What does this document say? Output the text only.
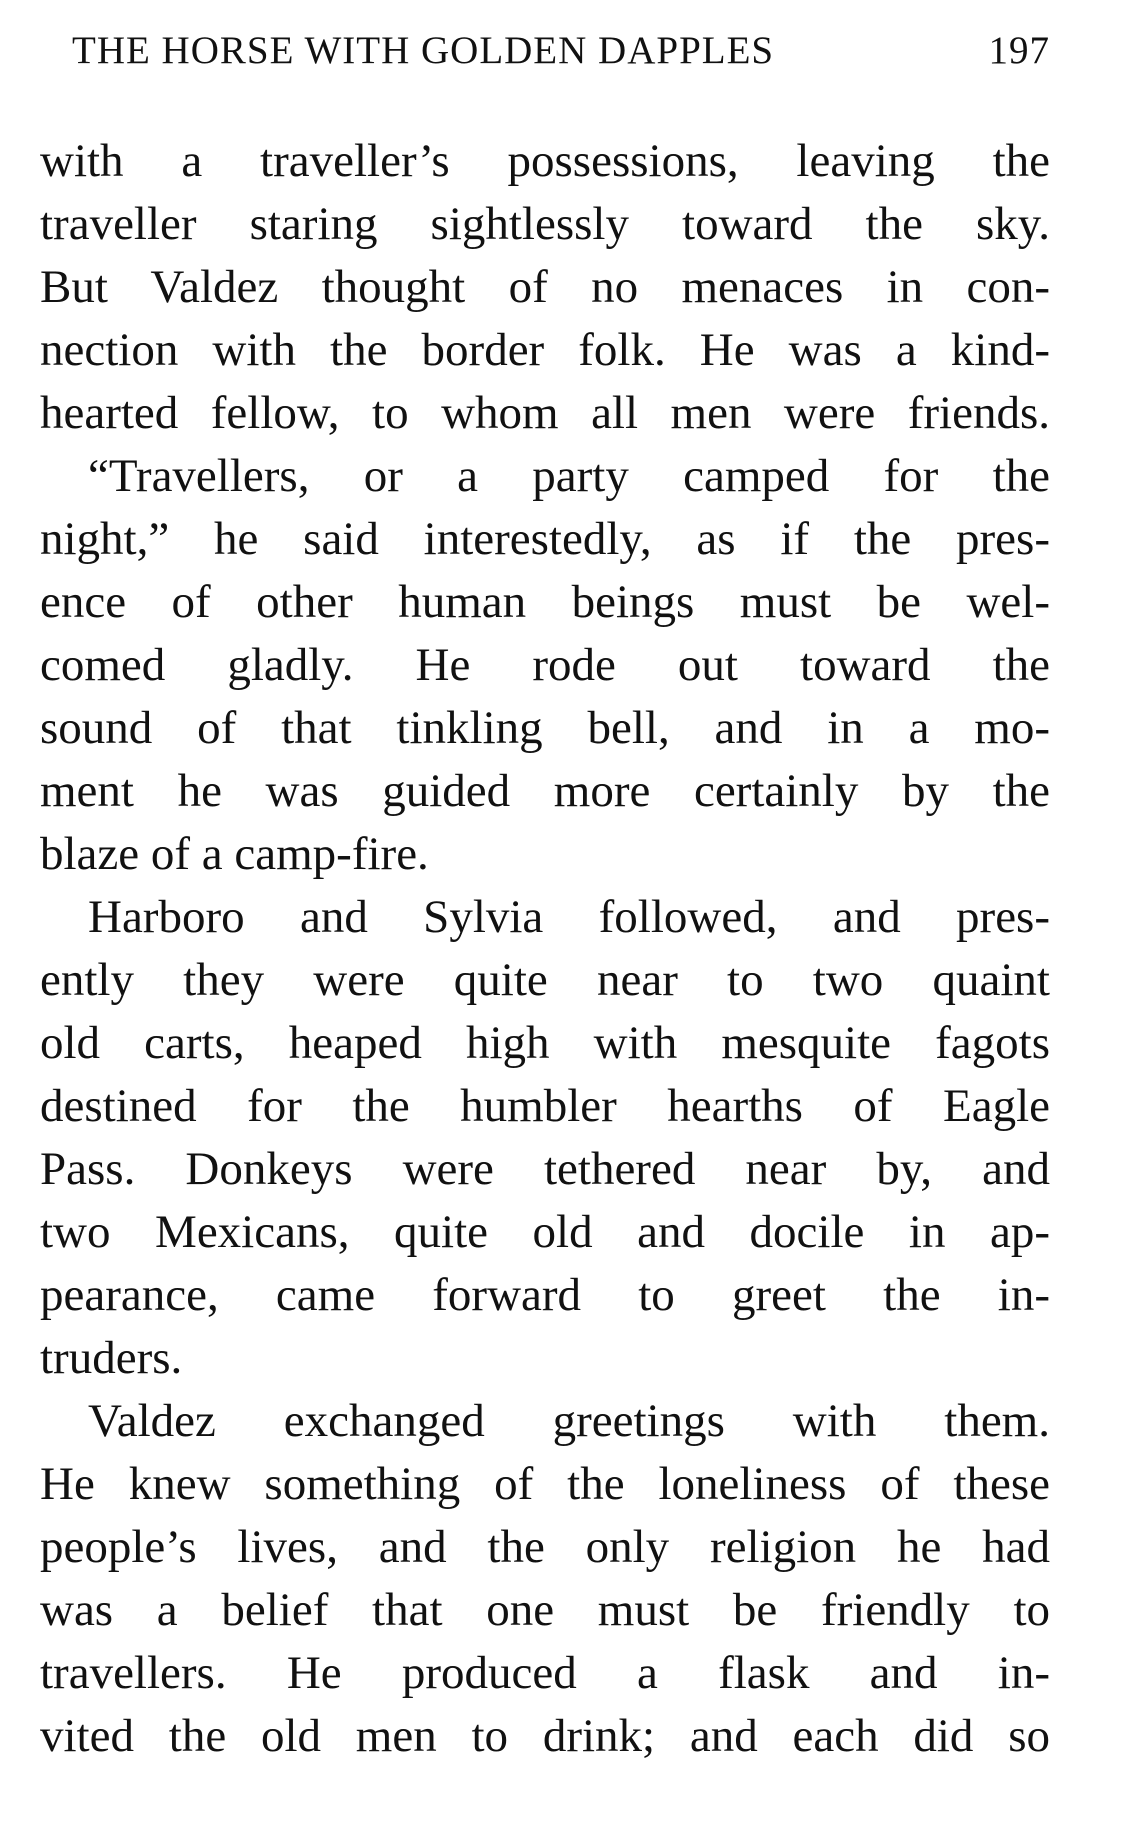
THE HORSE WITH GOLDEN DAPPLES	197
with a traveller’s possessions, leaving the
traveller staring sightlessly toward the sky.
But Valdez thought of no menaces in con-
nection with the border folk. He was a kind-
hearted fellow, to whom all men were friends.
“Travellers, or a party camped for the
night,” he said interestedly, as if the pres-
ence of other human beings must be wel-
comed gladly. He rode out toward the
sound of that tinkling bell, and in a mo-
ment he was guided more certainly by the
blaze of a camp-fire.
Harboro and Sylvia followed, and pres-
ently they were quite near to two quaint
old carts, heaped high with mesquite fagots
destined for the humbler hearths of Eagle
Pass. Donkeys were tethered near by, and
two Mexicans, quite old and docile in ap-
pearance, came forward to greet the in-
truders.
Valdez exchanged greetings with them.
He knew something of the loneliness of these
people’s lives, and the only religion he had
was a belief that one must be friendly to
travellers. He produced a flask and in-
vited the old men to drink; and each did so
